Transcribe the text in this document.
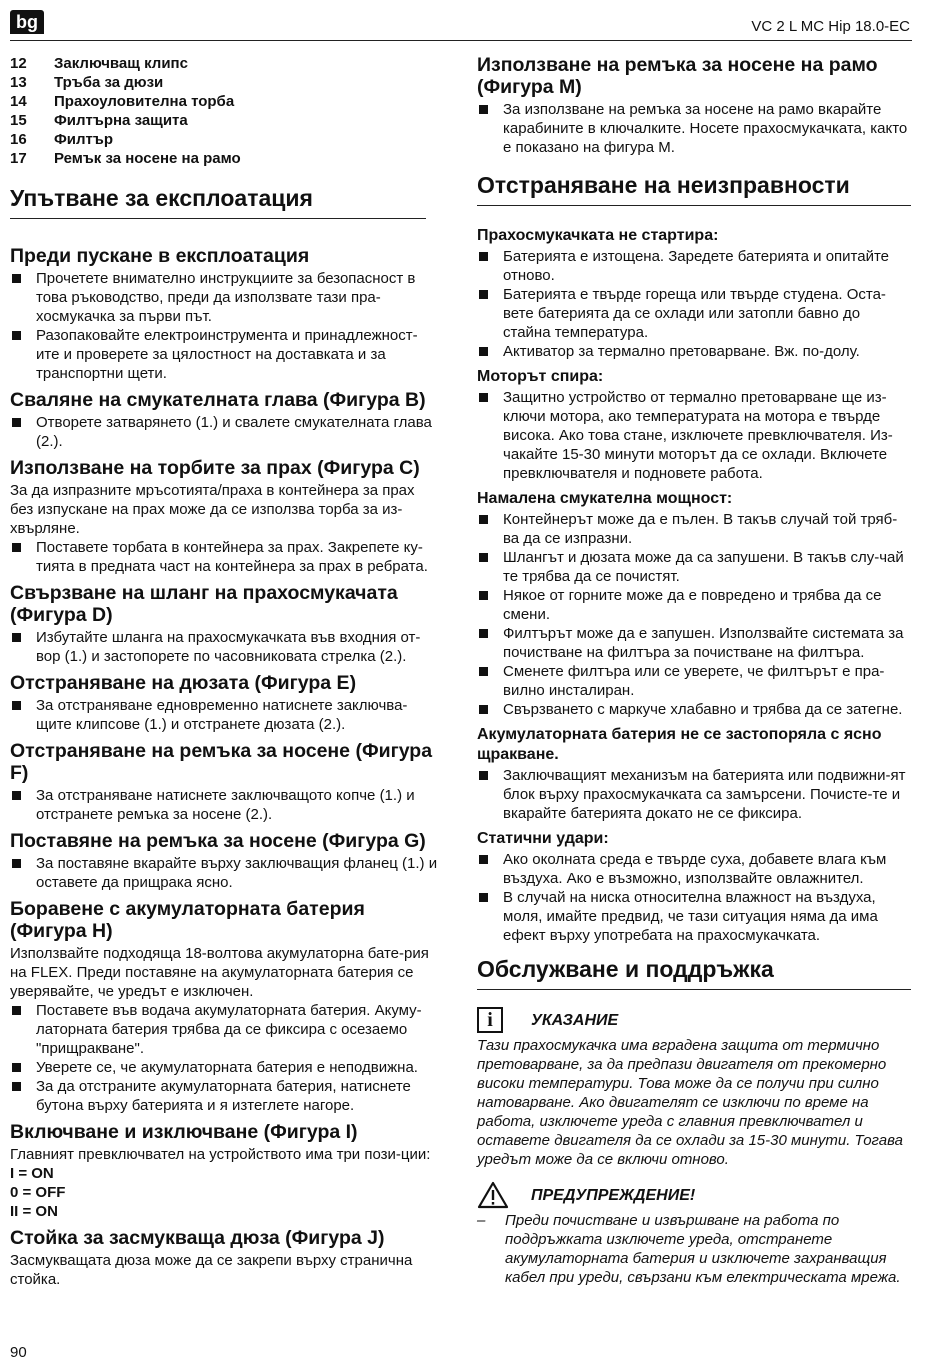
bg	VC 2 L MC Hip 18.0-EC
12	Заключващ клипс
13	Тръба за дюзи
14	Прахоуловителна торба
15	Филтърна защита
16	Филтър
17	Ремък за носене на рамо
Упътване за експлоатация
Преди пускане в експлоатация
Прочетете внимателно инструкциите за безопасност в това ръководство, преди да използвате тази пра-хосмукачка за първи път.
Разопаковайте електроинструмента и принадлежност-ите и проверете за цялостност на доставката и за транспортни щети.
Сваляне на смукателната глава (Фигура B)
Отворете затварянето (1.) и свалете смукателната глава (2.).
Използване на торбите за прах (Фигура C)

За да изпразните мръсотията/праха в контейнера за прах без изпускане на прах може да се използва торба за из-хвърляне.

Поставете торбата в контейнера за прах. Закрепете ку-тията в предната част на контейнера за прах в ребрата.
Свързване на шланг на прахосмукачата (Фигура D)
Избутайте шланга на прахосмукачката във входния от-вор (1.) и застопорете по часовниковата стрелка (2.).
Отстраняване на дюзата (Фигура E)
За отстраняване едновременно натиснете заключва-щите клипсове (1.) и отстранете дюзата (2.).
Отстраняване на ремъка за носене (Фигура F)
За отстраняване натиснете заключващото копче (1.) и отстранете ремъка за носене (2.).
Поставяне на ремъка за носене (Фигура G)
За поставяне вкарайте върху заключващия фланец (1.) и оставете да прищрака ясно.
Боравене с акумулаторната батерия (Фигура H)

Използвайте подходяща 18-волтова акумулаторна бате-рия на FLEX. Преди поставяне на акумулаторната батерия се уверявайте, че уредът е изключен.

Поставете във водача акумулаторната батерия. Акуму-латорната батерия трябва да се фиксира с осезаемо "прищракване".
Уверете се, че акумулаторната батерия е неподвижна.
За да отстраните акумулаторната батерия, натиснете бутона върху батерията и я изтеглете нагоре.
Включване и изключване (Фигура I)

Главният превключвател на устройството има три пози-ции:

I = ON
0 = OFF
II = ON
Стойка за засмукваща дюза (Фигура J)

Засмукващата дюза може да се закрепи върху странична стойка.

Използване на ремъка за носене на рамо (Фигура M)
За използване на ремъка за носене на рамо вкарайте карабините в ключалките. Носете прахосмукачката, както е показано на фигура M.
Отстраняване на неизправности
Прахосмукачката не стартира:
Батерията е изтощена. Заредете батерията и опитайте отново.
Батерията е твърде гореща или твърде студена. Оста-вете батерията да се охлади или затопли бавно до стайна температура.
Активатор за термално претоварване. Вж. по-долу.
Моторът спира:
Защитно устройство от термално претоварване ще из-ключи мотора, ако температурата на мотора е твърде висока. Ако това стане, изключете превключвателя. Из-чакайте 15-30 минути моторът да се охлади. Включете превключвателя и подновете работа.
Намалена смукателна мощност:
Контейнерът може да е пълен. В такъв случай той тряб-ва да се изпразни.
Шлангът и дюзата може да са запушени. В такъв слу-чай те трябва да се почистят.
Някое от горните може да е повредено и трябва да се смени.
Филтърът може да е запушен. Използвайте системата за почистване на филтъра за почистване на филтъра.
Сменете филтъра или се уверете, че филтърът е пра-вилно инсталиран.
Свързването с маркуче хлабавно и трябва да се затегне.
Акумулаторната батерия не се застопоряла с ясно щракване.
Заключващият механизъм на батерията или подвижни-ят блок върху прахосмукачката са замърсени. Почисте-те и вкарайте батерията докато не се фиксира.
Статични удари:
Ако околната среда е твърде суха, добавете влага към въздуха. Ако е възможно, използвайте овлажнител.
В случай на ниска относителна влажност на въздуха, моля, имайте предвид, че тази ситуация няма да има ефект върху употребата на прахосмукачката.
Обслужване и поддръжка
i	УКАЗАНИЕ

Тази прахосмукачка има вградена защита от термично претоварване, за да предпази двигателя от прекомерно високи температури. Това може да се получи при силно натоварване. Ако двигателят се изключи по време на работа, изключете уреда с главния превключвател и оставете двигателя да се охлади за 15-30 минути. Тогава уредът може да се включи отново.

ПРЕДУПРЕЖДЕНИЕ!
–	Преди почистване и извършване на работа по поддръжката изключете уреда, отстранете акумулаторната батерия и изключете захранващия кабел при уреди, свързани към електрическата мрежа.
90
